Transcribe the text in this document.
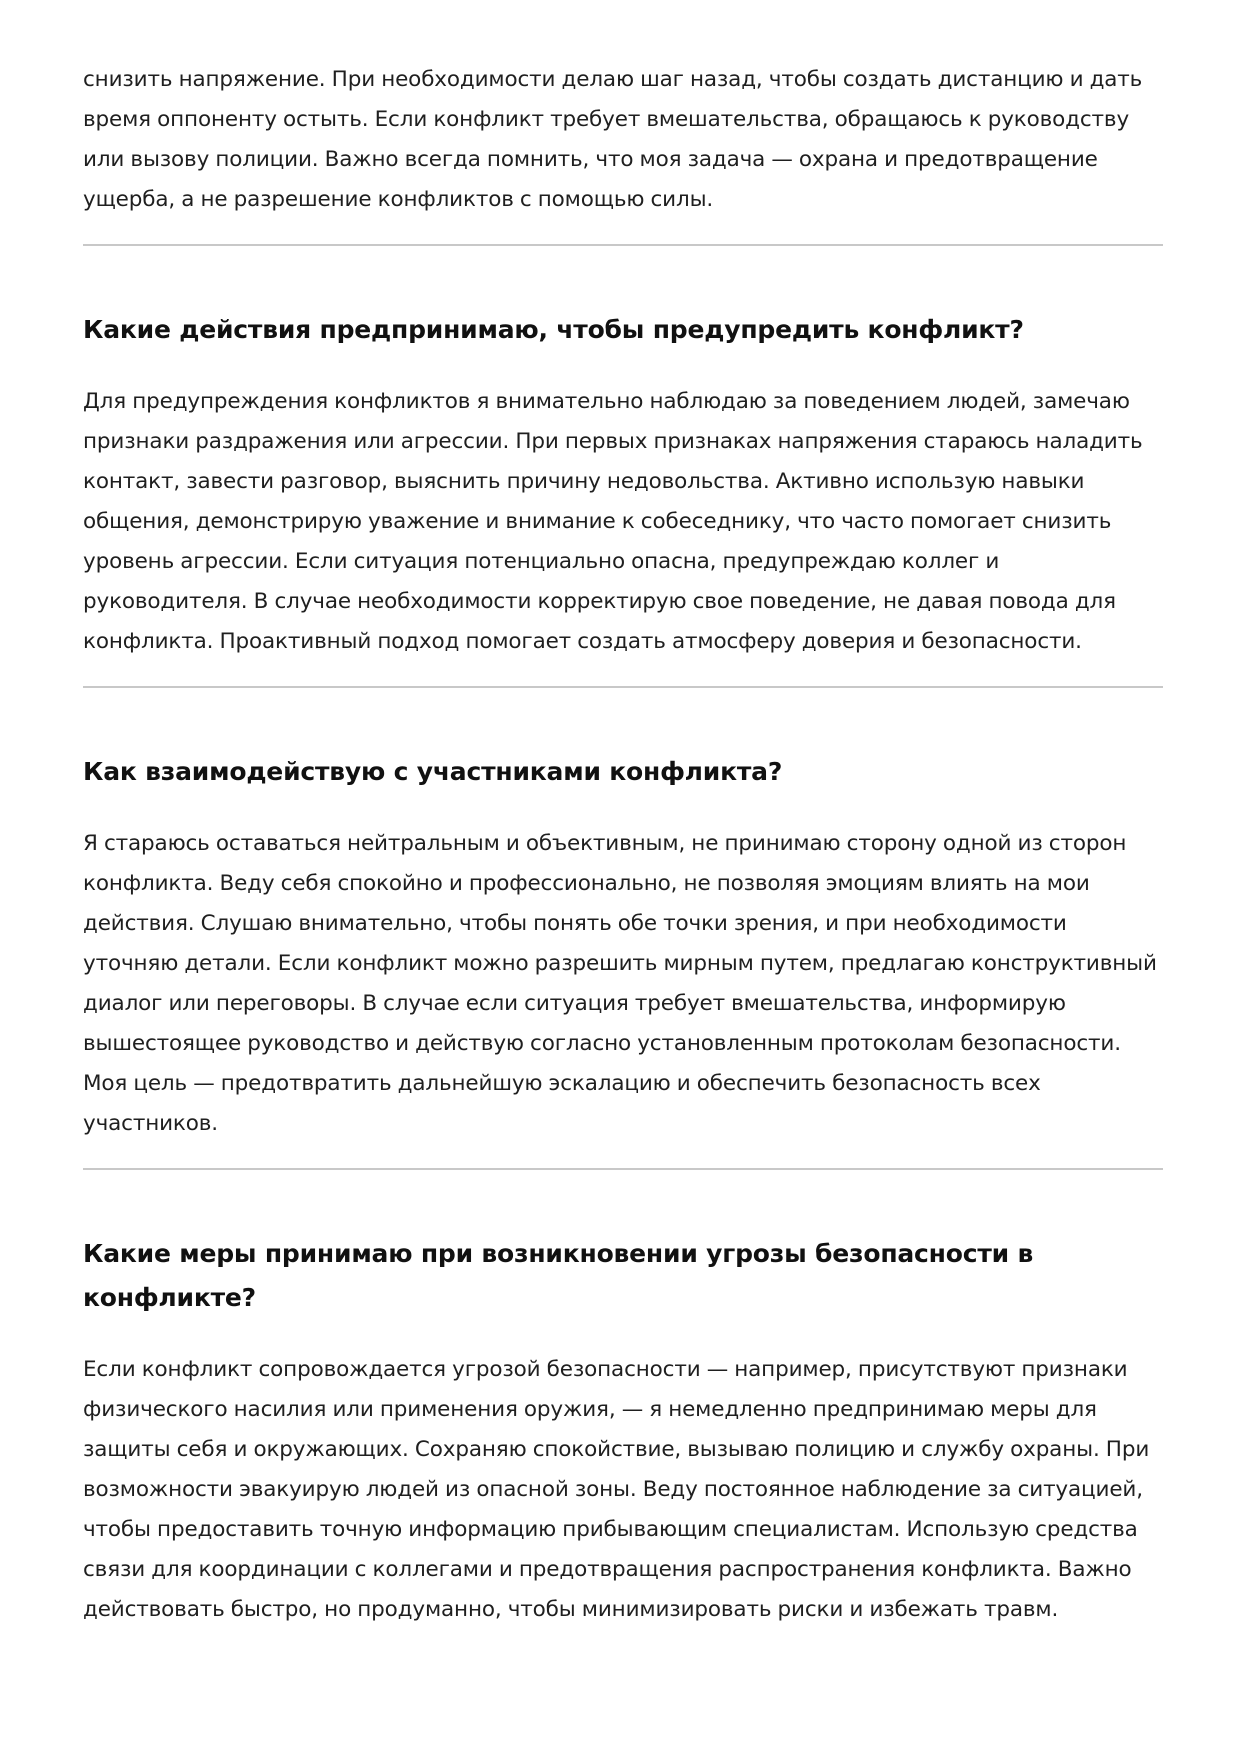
снизить напряжение. При необходимости делаю шаг назад, чтобы создать дистанцию и дать время оппоненту остыть. Если конфликт требует вмешательства, обращаюсь к руководству или вызову полиции. Важно всегда помнить, что моя задача — охрана и предотвращение ущерба, а не разрешение конфликтов с помощью силы.

Какие действия предпринимаю, чтобы предупредить конфликт?

Для предупреждения конфликтов я внимательно наблюдаю за поведением людей, замечаю признаки раздражения или агрессии. При первых признаках напряжения стараюсь наладить контакт, завести разговор, выяснить причину недовольства. Активно использую навыки общения, демонстрирую уважение и внимание к собеседнику, что часто помогает снизить уровень агрессии. Если ситуация потенциально опасна, предупреждаю коллег и руководителя. В случае необходимости корректирую свое поведение, не давая повода для конфликта. Проактивный подход помогает создать атмосферу доверия и безопасности.

Как взаимодействую с участниками конфликта?

Я стараюсь оставаться нейтральным и объективным, не принимаю сторону одной из сторон конфликта. Веду себя спокойно и профессионально, не позволяя эмоциям влиять на мои действия. Слушаю внимательно, чтобы понять обе точки зрения, и при необходимости уточняю детали. Если конфликт можно разрешить мирным путем, предлагаю конструктивный диалог или переговоры. В случае если ситуация требует вмешательства, информирую вышестоящее руководство и действую согласно установленным протоколам безопасности. Моя цель — предотвратить дальнейшую эскалацию и обеспечить безопасность всех участников.

Какие меры принимаю при возникновении угрозы безопасности в конфликте?

Если конфликт сопровождается угрозой безопасности — например, присутствуют признаки физического насилия или применения оружия, — я немедленно предпринимаю меры для защиты себя и окружающих. Сохраняю спокойствие, вызываю полицию и службу охраны. При возможности эвакуирую людей из опасной зоны. Веду постоянное наблюдение за ситуацией, чтобы предоставить точную информацию прибывающим специалистам. Использую средства связи для координации с коллегами и предотвращения распространения конфликта. Важно действовать быстро, но продуманно, чтобы минимизировать риски и избежать травм.
